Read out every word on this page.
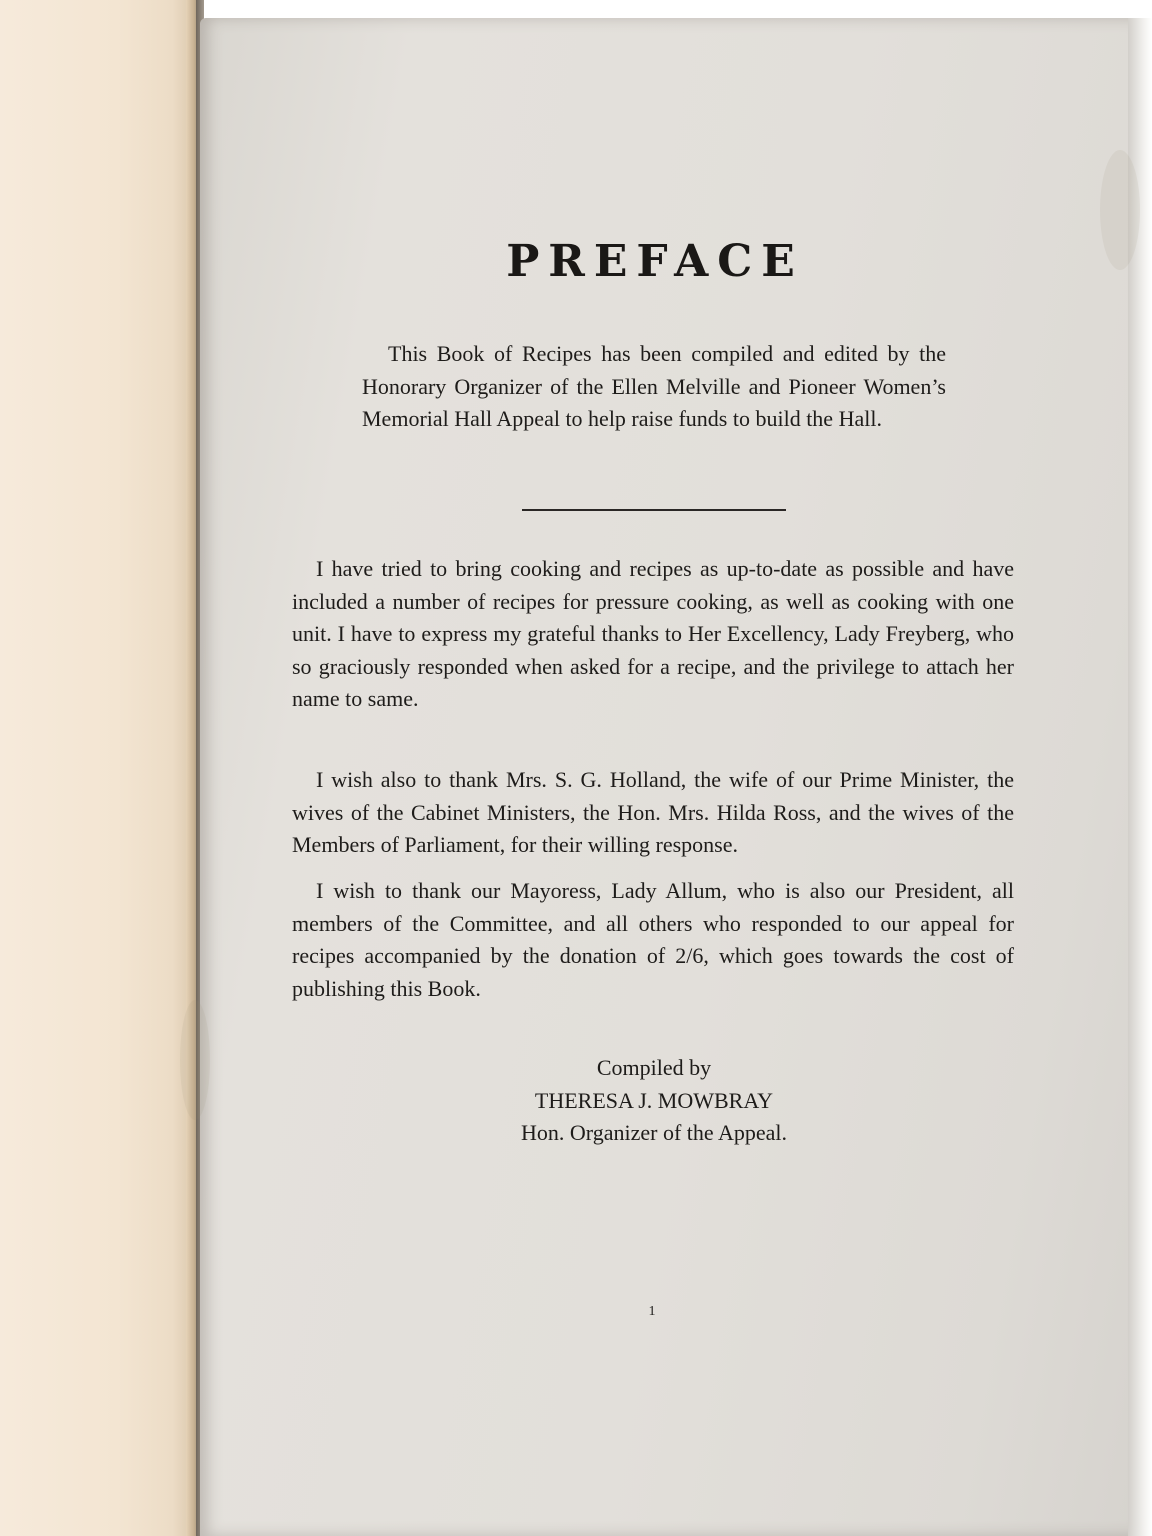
PREFACE
This Book of Recipes has been compiled and edited by the Honorary Organizer of the Ellen Melville and Pioneer Women’s Memorial Hall Appeal to help raise funds to build the Hall.
I have tried to bring cooking and recipes as up-to-date as possible and have included a number of recipes for pressure cooking, as well as cooking with one unit. I have to express my grateful thanks to Her Excellency, Lady Freyberg, who so graciously responded when asked for a recipe, and the privilege to attach her name to same.
I wish also to thank Mrs. S. G. Holland, the wife of our Prime Minister, the wives of the Cabinet Ministers, the Hon. Mrs. Hilda Ross, and the wives of the Members of Parliament, for their willing response.
I wish to thank our Mayoress, Lady Allum, who is also our President, all members of the Committee, and all others who responded to our appeal for recipes accompanied by the donation of 2/6, which goes towards the cost of publishing this Book.
Compiled by
THERESA J. MOWBRAY
Hon. Organizer of the Appeal.
1
